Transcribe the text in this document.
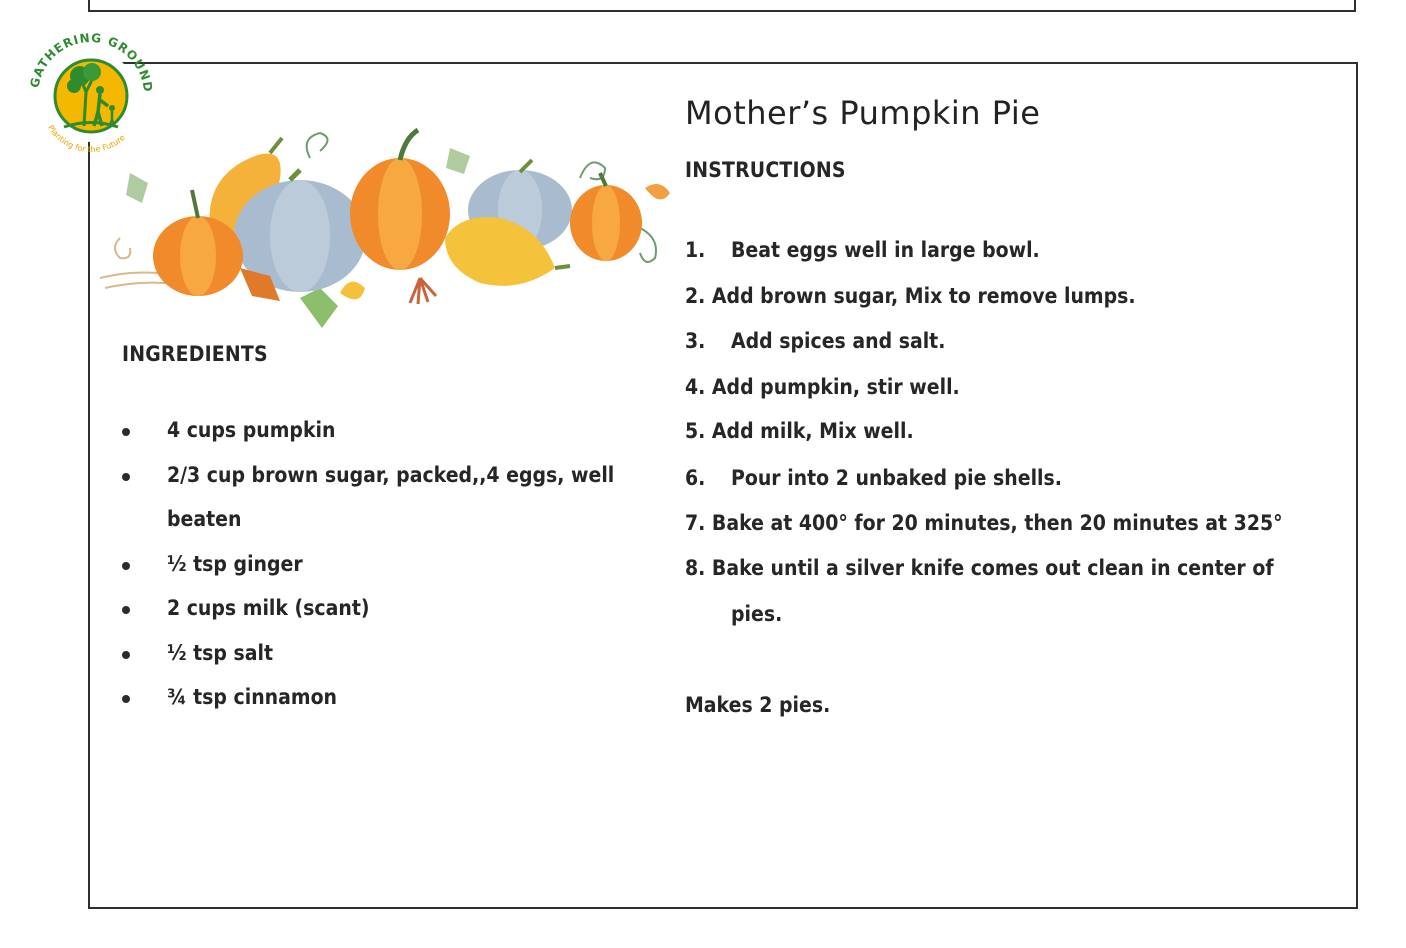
GATHERING GROUND
Planting for the Future
Mother’s Pumpkin Pie
INGREDIENTS
INSTRUCTIONS
4 cups pumpkin
2/3 cup brown sugar, packed,,4 eggs, well
beaten
½ tsp ginger
2 cups milk (scant)
½ tsp salt
¾ tsp cinnamon
1. Beat eggs well in large bowl.
2. Add brown sugar, Mix to remove lumps.
3. Add spices and salt.
4. Add pumpkin, stir well.
5. Add milk, Mix well.
6. Pour into 2 unbaked pie shells.
7. Bake at 400° for 20 minutes, then 20 minutes at 325°
8. Bake until a silver knife comes out clean in center of
pies.
Makes 2 pies.
